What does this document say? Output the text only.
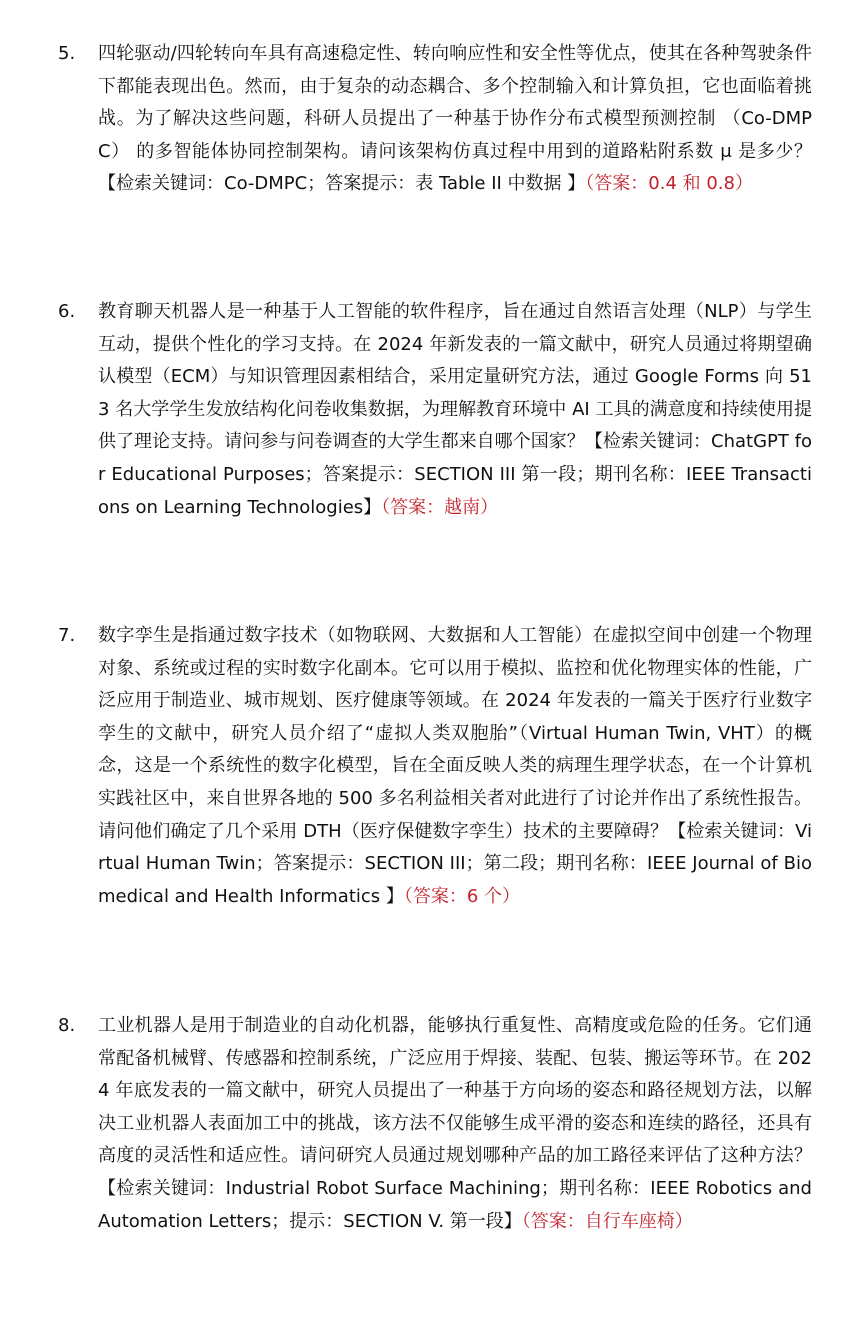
5.	四轮驱动/四轮转向车具有高速稳定性、转向响应性和安全性等优点，使其在各种驾驶条件下都能表现出色。然而，由于复杂的动态耦合、多个控制输入和计算负担，它也面临着挑战。为了解决这些问题，科研人员提出了一种基于协作分布式模型预测控制 （Co-DMPC） 的多智能体协同控制架构。请问该架构仿真过程中用到的道路粘附系数 μ 是多少？【检索关键词：Co-DMPC；答案提示：表 Table II 中数据 】（答案：0.4 和 0.8）
6.	教育聊天机器人是一种基于人工智能的软件程序，旨在通过自然语言处理（NLP）与学生互动，提供个性化的学习支持。在 2024 年新发表的一篇文献中，研究人员通过将期望确认模型（ECM）与知识管理因素相结合，采用定量研究方法，通过 Google Forms 向 513 名大学学生发放结构化问卷收集数据，为理解教育环境中 AI 工具的满意度和持续使用提供了理论支持。请问参与问卷调查的大学生都来自哪个国家？【检索关键词：ChatGPT for Educational Purposes；答案提示：SECTION III 第一段；期刊名称：IEEE Transactions on Learning Technologies】（答案：越南）
7.	数字孪生是指通过数字技术（如物联网、大数据和人工智能）在虚拟空间中创建一个物理对象、系统或过程的实时数字化副本。它可以用于模拟、监控和优化物理实体的性能，广泛应用于制造业、城市规划、医疗健康等领域。在 2024 年发表的一篇关于医疗行业数字孪生的文献中，研究人员介绍了“虚拟人类双胞胎”（Virtual Human Twin, VHT）的概念，这是一个系统性的数字化模型，旨在全面反映人类的病理生理学状态，在一个计算机实践社区中，来自世界各地的 500 多名利益相关者对此进行了讨论并作出了系统性报告。请问他们确定了几个采用 DTH（医疗保健数字孪生）技术的主要障碍？【检索关键词：Virtual Human Twin；答案提示：SECTION III；第二段；期刊名称：IEEE Journal of Biomedical and Health Informatics 】（答案：6 个）
8.	工业机器人是用于制造业的自动化机器，能够执行重复性、高精度或危险的任务。它们通常配备机械臂、传感器和控制系统，广泛应用于焊接、装配、包装、搬运等环节。在 2024 年底发表的一篇文献中，研究人员提出了一种基于方向场的姿态和路径规划方法，以解决工业机器人表面加工中的挑战，该方法不仅能够生成平滑的姿态和连续的路径，还具有高度的灵活性和适应性。请问研究人员通过规划哪种产品的加工路径来评估了这种方法？【检索关键词：Industrial Robot Surface Machining；期刊名称：IEEE Robotics and Automation Letters；提示：SECTION V. 第一段】（答案：自行车座椅）
